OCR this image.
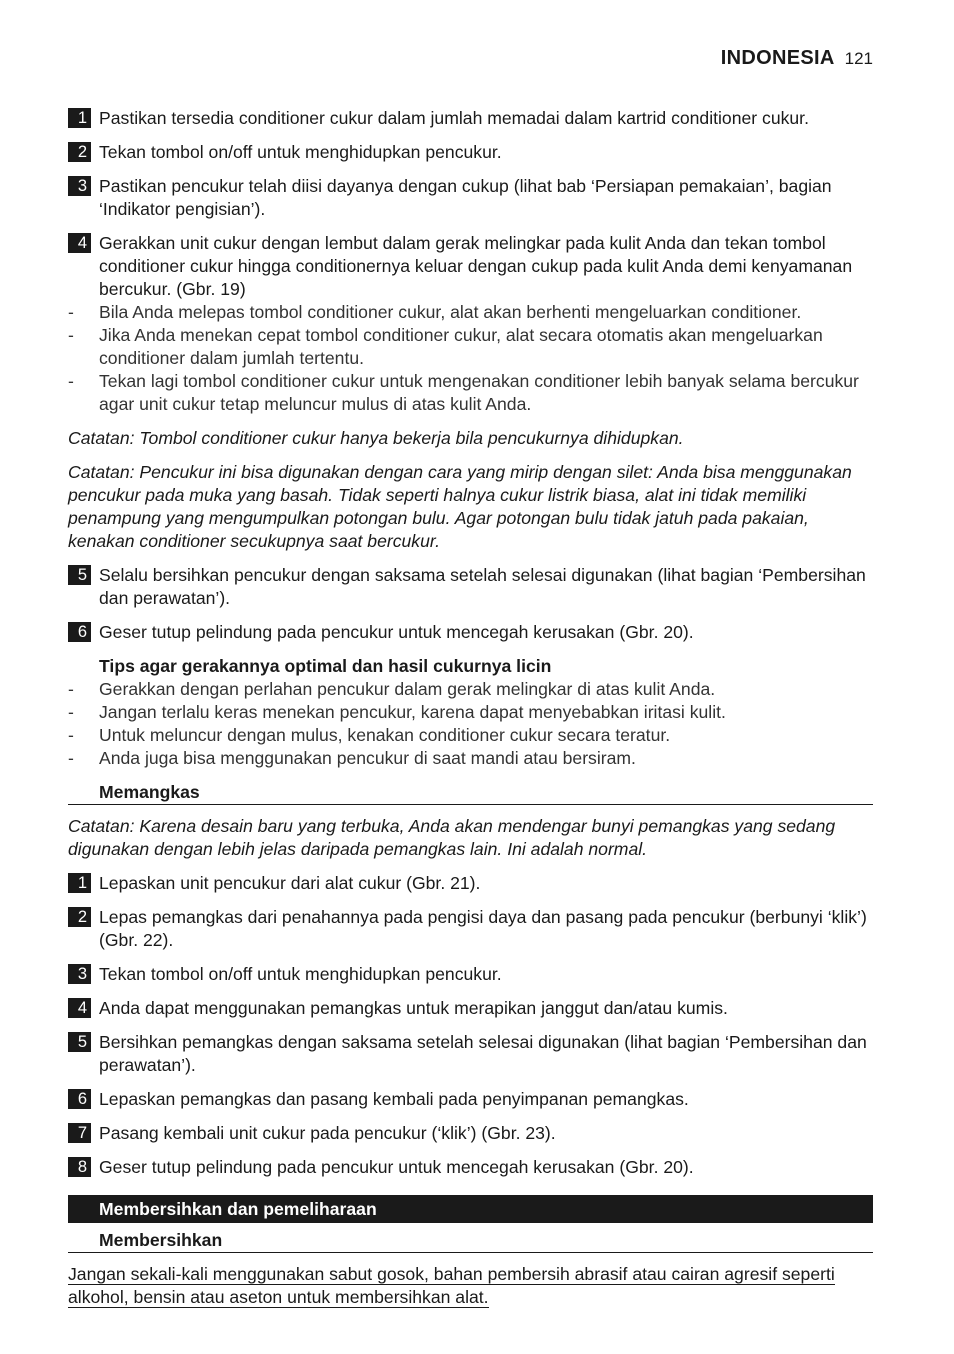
INDONESIA 121
1 Pastikan tersedia conditioner cukur dalam jumlah memadai dalam kartrid conditioner cukur.
2 Tekan tombol on/off untuk menghidupkan pencukur.
3 Pastikan pencukur telah diisi dayanya dengan cukup (lihat bab ‘Persiapan pemakaian’, bagian ‘Indikator pengisian’).
4 Gerakkan unit cukur dengan lembut dalam gerak melingkar pada kulit Anda dan tekan tombol conditioner cukur hingga conditionernya keluar dengan cukup pada kulit Anda demi kenyamanan bercukur. (Gbr. 19)
-	Bila Anda melepas tombol conditioner cukur, alat akan berhenti mengeluarkan conditioner.
-	Jika Anda menekan cepat tombol conditioner cukur, alat secara otomatis akan mengeluarkan conditioner dalam jumlah tertentu.
-	Tekan lagi tombol conditioner cukur untuk mengenakan conditioner lebih banyak selama bercukur agar unit cukur tetap meluncur mulus di atas kulit Anda.
Catatan: Tombol conditioner cukur hanya bekerja bila pencukurnya dihidupkan.
Catatan: Pencukur ini bisa digunakan dengan cara yang mirip dengan silet: Anda bisa menggunakan pencukur pada muka yang basah. Tidak seperti halnya cukur listrik biasa, alat ini tidak memiliki penampung yang mengumpulkan potongan bulu. Agar potongan bulu tidak jatuh pada pakaian, kenakan conditioner secukupnya saat bercukur.
5 Selalu bersihkan pencukur dengan saksama setelah selesai digunakan (lihat bagian ‘Pembersihan dan perawatan’).
6 Geser tutup pelindung pada pencukur untuk mencegah kerusakan (Gbr. 20).
Tips agar gerakannya optimal dan hasil cukurnya licin
-	Gerakkan dengan perlahan pencukur dalam gerak melingkar di atas kulit Anda.
-	Jangan terlalu keras menekan pencukur, karena dapat menyebabkan iritasi kulit.
-	Untuk meluncur dengan mulus, kenakan conditioner cukur secara teratur.
-	Anda juga bisa menggunakan pencukur di saat mandi atau bersiram.
Memangkas
Catatan: Karena desain baru yang terbuka, Anda akan mendengar bunyi pemangkas yang sedang digunakan dengan lebih jelas daripada pemangkas lain. Ini adalah normal.
1 Lepaskan unit pencukur dari alat cukur (Gbr. 21).
2 Lepas pemangkas dari penahannya pada pengisi daya dan pasang pada pencukur (berbunyi ‘klik’) (Gbr. 22).
3 Tekan tombol on/off untuk menghidupkan pencukur.
4 Anda dapat menggunakan pemangkas untuk merapikan janggut dan/atau kumis.
5 Bersihkan pemangkas dengan saksama setelah selesai digunakan (lihat bagian ‘Pembersihan dan perawatan’).
6 Lepaskan pemangkas dan pasang kembali pada penyimpanan pemangkas.
7 Pasang kembali unit cukur pada pencukur (‘klik’) (Gbr. 23).
8 Geser tutup pelindung pada pencukur untuk mencegah kerusakan (Gbr. 20).
Membersihkan dan pemeliharaan
Membersihkan
Jangan sekali-kali menggunakan sabut gosok, bahan pembersih abrasif atau cairan agresif seperti
alkohol, bensin atau aseton untuk membersihkan alat.
